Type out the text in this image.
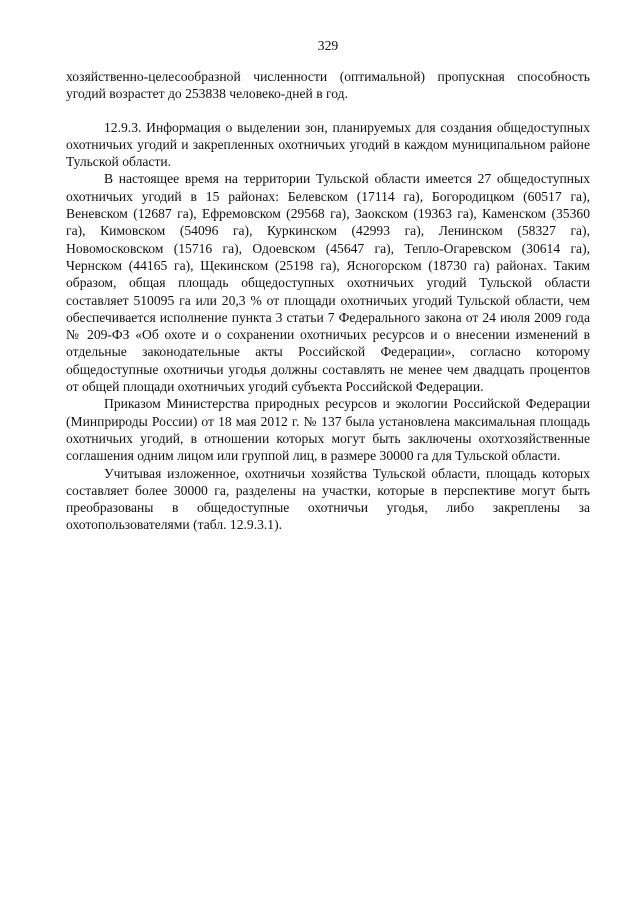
329

хозяйственно-целесообразной численности (оптимальной) пропускная способность угодий возрастет до 253838 человеко-дней в год.

12.9.3. Информация о выделении зон, планируемых для создания общедоступных охотничьих угодий и закрепленных охотничьих угодий в каждом муниципальном районе Тульской области.

В настоящее время на территории Тульской области имеется 27 общедоступных охотничьих угодий в 15 районах: Белевском (17114 га), Богородицком (60517 га), Веневском (12687 га), Ефремовском (29568 га), Заокском (19363 га), Каменском (35360 га), Кимовском (54096 га), Куркинском (42993 га), Ленинском (58327 га), Новомосковском (15716 га), Одоевском (45647 га), Тепло-Огаревском (30614 га), Чернском (44165 га), Щекинском (25198 га), Ясногорском (18730 га) районах. Таким образом, общая площадь общедоступных охотничьих угодий Тульской области составляет 510095 га или 20,3 % от площади охотничьих угодий Тульской области, чем обеспечивается исполнение пункта 3 статьи 7 Федерального закона от 24 июля 2009 года № 209-ФЗ «Об охоте и о сохранении охотничьих ресурсов и о внесении изменений в отдельные законодательные акты Российской Федерации», согласно которому общедоступные охотничьи угодья должны составлять не менее чем двадцать процентов от общей площади охотничьих угодий субъекта Российской Федерации.

Приказом Министерства природных ресурсов и экологии Российской Федерации (Минприроды России) от 18 мая 2012 г. № 137 была установлена максимальная площадь охотничьих угодий, в отношении которых могут быть заключены охотхозяйственные соглашения одним лицом или группой лиц, в размере 30000 га для Тульской области.

Учитывая изложенное, охотничьи хозяйства Тульской области, площадь которых составляет более 30000 га, разделены на участки, которые в перспективе могут быть преобразованы в общедоступные охотничьи угодья, либо закреплены за охотопользователями (табл. 12.9.3.1).
